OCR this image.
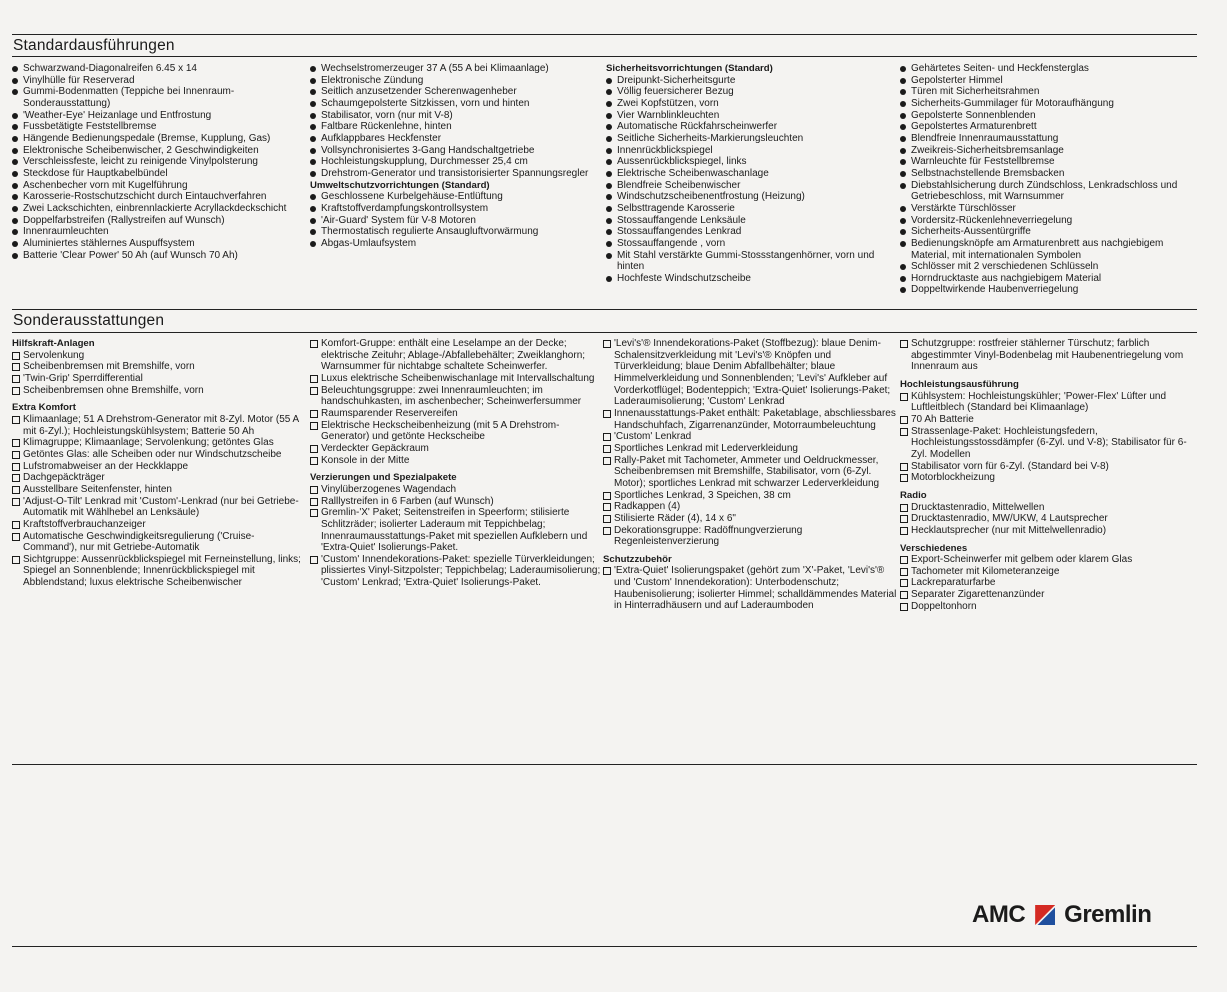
Standardausführungen
Schwarzwand-Diagonalreifen 6.45 x 14
Vinylhülle für Reserverad
Gummi-Bodenmatten (Teppiche bei Innenraum-Sonderausstattung)
'Weather-Eye' Heizanlage und Entfrostung
Fussbetätigte Feststellbremse
Hängende Bedienungspedale (Bremse, Kupplung, Gas)
Elektronische Scheibenwischer, 2 Geschwindigkeiten
Verschleissfeste, leicht zu reinigende Vinylpolsterung
Steckdose für Hauptkabelbündel
Aschenbecher vorn mit Kugelführung
Karosserie-Rostschutzschicht durch Eintauchverfahren
Zwei Lackschichten, einbrennlackierte Acryllackdeckschicht
Doppelfarbstreifen (Rallystreifen auf Wunsch)
Innenraumleuchten
Aluminiertes stählernes Auspuffsystem
Batterie 'Clear Power' 50 Ah (auf Wunsch 70 Ah)
Wechselstromerzeuger 37 A (55 A bei Klimaanlage)
Elektronische Zündung
Seitlich anzusetzender Scherenwagenheber
Schaumgepolsterte Sitzkissen, vorn und hinten
Stabilisator, vorn (nur mit V-8)
Faltbare Rückenlehne, hinten
Aufklappbares Heckfenster
Vollsynchronisiertes 3-Gang Handschaltgetriebe
Hochleistungskupplung, Durchmesser 25,4 cm
Drehstrom-Generator und transistorisierter Spannungsregler
Umweltschutzvorrichtungen (Standard)
Geschlossene Kurbelgehäuse-Entlüftung
Kraftstoffverdampfungskontrollsystem
'Air-Guard' System für V-8 Motoren
Thermostatisch regulierte Ansaugluftvorwärmung
Abgas-Umlaufsystem
Sicherheitsvorrichtungen (Standard)
Dreipunkt-Sicherheitsgurte
Völlig feuersicherer Bezug
Zwei Kopfstützen, vorn
Vier Warnblinkleuchten
Automatische Rückfahrscheinwerfer
Seitliche Sicherheits-Markierungsleuchten
Innenrückblickspiegel
Aussenrückblickspiegel, links
Elektrische Scheibenwaschanlage
Blendfreie Scheibenwischer
Windschutzscheibenentfrostung (Heizung)
Selbsttragende Karosserie
Stossauffangende Lenksäule
Stossauffangendes Lenkrad
Stossauffangende , vorn
Mit Stahl verstärkte Gummi-Stossstangenhörner, vorn und hinten
Hochfeste Windschutzscheibe
Gehärtetes Seiten- und Heckfensterglas
Gepolsterter Himmel
Türen mit Sicherheitsrahmen
Sicherheits-Gummilager für Motoraufhängung
Gepolsterte Sonnenblenden
Gepolstertes Armaturenbrett
Blendfreie Innenraumausstattung
Zweikreis-Sicherheitsbremsanlage
Warnleuchte für Feststellbremse
Selbstnachstellende Bremsbacken
Diebstahlsicherung durch Zündschloss, Lenkradschloss und Getriebeschloss, mit Warnsummer
Verstärkte Türschlösser
Vordersitz-Rückenlehneverriegelung
Sicherheits-Aussentürgriffe
Bedienungsknöpfe am Armaturenbrett aus nachgiebigem Material, mit internationalen Symbolen
Schlösser mit 2 verschiedenen Schlüsseln
Horndrucktaste aus nachgiebigem Material
Doppeltwirkende Haubenverriegelung
Sonderausstattungen
Hilfskraft-Anlagen
Servolenkung
Scheibenbremsen mit Bremshilfe, vorn
'Twin-Grip' Sperrdifferential
Scheibenbremsen ohne Bremshilfe, vorn
Extra Komfort
Klimaanlage; 51 A Drehstrom-Generator mit 8-Zyl. Motor (55 A mit 6-Zyl.); Hochleistungskühlsystem; Batterie 50 Ah
Klimagruppe; Klimaanlage; Servolenkung; getöntes Glas
Getöntes Glas: alle Scheiben oder nur Windschutzscheibe
Lufstromabweiser an der Heckklappe
Dachgepäckträger
Ausstellbare Seitenfenster, hinten
'Adjust-O-Tilt' Lenkrad mit 'Custom'-Lenkrad (nur bei Getriebe-Automatik mit Wählhebel an Lenksäule)
Kraftstoffverbrauchanzeiger
Automatische Geschwindigkeitsregulierung ('Cruise-Command'), nur mit Getriebe-Automatik
Sichtgruppe: Aussenrückblickspiegel mit Ferneinstellung, links; Spiegel an Sonnenblende; Innenrückblickspiegel mit Abblendstand; luxus elektrische Scheibenwischer
Komfort-Gruppe: enthält eine Leselampe an der Decke; elektrische Zeituhr; Ablage-/Abfallebehälter; Zweiklanghorn; Warnsummer für nichtabge schaltete Scheinwerfer.
Luxus elektrische Scheibenwischanlage mit Intervallschaltung
Beleuchtungsgruppe: zwei Innenraumleuchten; im handschuhkasten, im aschenbecher; Scheinwerfersummer
Raumsparender Reservereifen
Elektrische Heckscheibenheizung (mit 5 A Drehstrom-Generator) und getönte Heckscheibe
Verdeckter Gepäckraum
Konsole in der Mitte
Verzierungen und Spezialpakete
Vinylüberzogenes Wagendach
Ralllystreifen in 6 Farben (auf Wunsch)
Gremlin-'X' Paket; Seitenstreifen in Speerform; stilisierte Schlitzräder; isolierter Laderaum mit Teppichbelag; Innenraumausstattungs-Paket mit speziellen Aufklebern und 'Extra-Quiet' Isolierungs-Paket.
'Custom' Innendekorations-Paket: spezielle Türverkleidungen; plissiertes Vinyl-Sitzpolster; Teppichbelag; Laderaumisolierung; 'Custom' Lenkrad; 'Extra-Quiet' Isolierungs-Paket.
'Levi's'® Innendekorations-Paket (Stoffbezug): blaue Denim-Schalensitzverkleidung mit 'Levi's'® Knöpfen und Türverkleidung; blaue Denim Abfallbehälter; blaue Himmelverkleidung und Sonnenblenden; 'Levi's' Aufkleber auf Vorderkotflügel; Bodenteppich; 'Extra-Quiet' Isolierungs-Paket; Laderaumisolierung; 'Custom' Lenkrad
Innenausstattungs-Paket enthält: Paketablage, abschliessbares Handschuhfach, Zigarrenanzünder, Motorraumbeleuchtung
'Custom' Lenkrad
Sportliches Lenkrad mit Lederverkleidung
Rally-Paket mit Tachometer, Ammeter und Oeldruckmesser, Scheibenbremsen mit Bremshilfe, Stabilisator, vorn (6-Zyl. Motor); sportliches Lenkrad mit schwarzer Lederverkleidung
Sportliches Lenkrad, 3 Speichen, 38 cm
Radkappen (4)
Stilisierte Räder (4), 14 x 6"
Dekorationsgruppe: Radöffnungverzierung Regenleistenverzierung
Schutzzubehör
'Extra-Quiet' Isolierungspaket (gehört zum 'X'-Paket, 'Levi's'® und 'Custom' Innendekoration): Unterbodenschutz; Haubenisolierung; isolierter Himmel; schalldämmendes Material in Hinterradhäusern und auf Laderaumboden
Schutzgruppe: rostfreier stählerner Türschutz; farblich abgestimmter Vinyl-Bodenbelag mit Haubenentriegelung vom Innenraum aus
Hochleistungsausführung
Kühlsystem: Hochleistungskühler; 'Power-Flex' Lüfter und Luftleitblech (Standard bei Klimaanlage)
70 Ah Batterie
Strassenlage-Paket: Hochleistungsfedern, Hochleistungsstossdämpfer (6-Zyl. und V-8); Stabilisator für 6-Zyl. Modellen
Stabilisator vorn für 6-Zyl. (Standard bei V-8)
Motorblockheizung
Radio
Drucktastenradio, Mittelwellen
Drucktastenradio, MW/UKW, 4 Lautsprecher
Hecklautsprecher (nur mit Mittelwellenradio)
Verschiedenes
Export-Scheinwerfer mit gelbem oder klarem Glas
Tachometer mit Kilometeranzeige
Lackreparaturfarbe
Separater Zigarettenanzünder
Doppeltonhorn
AMC Gremlin
